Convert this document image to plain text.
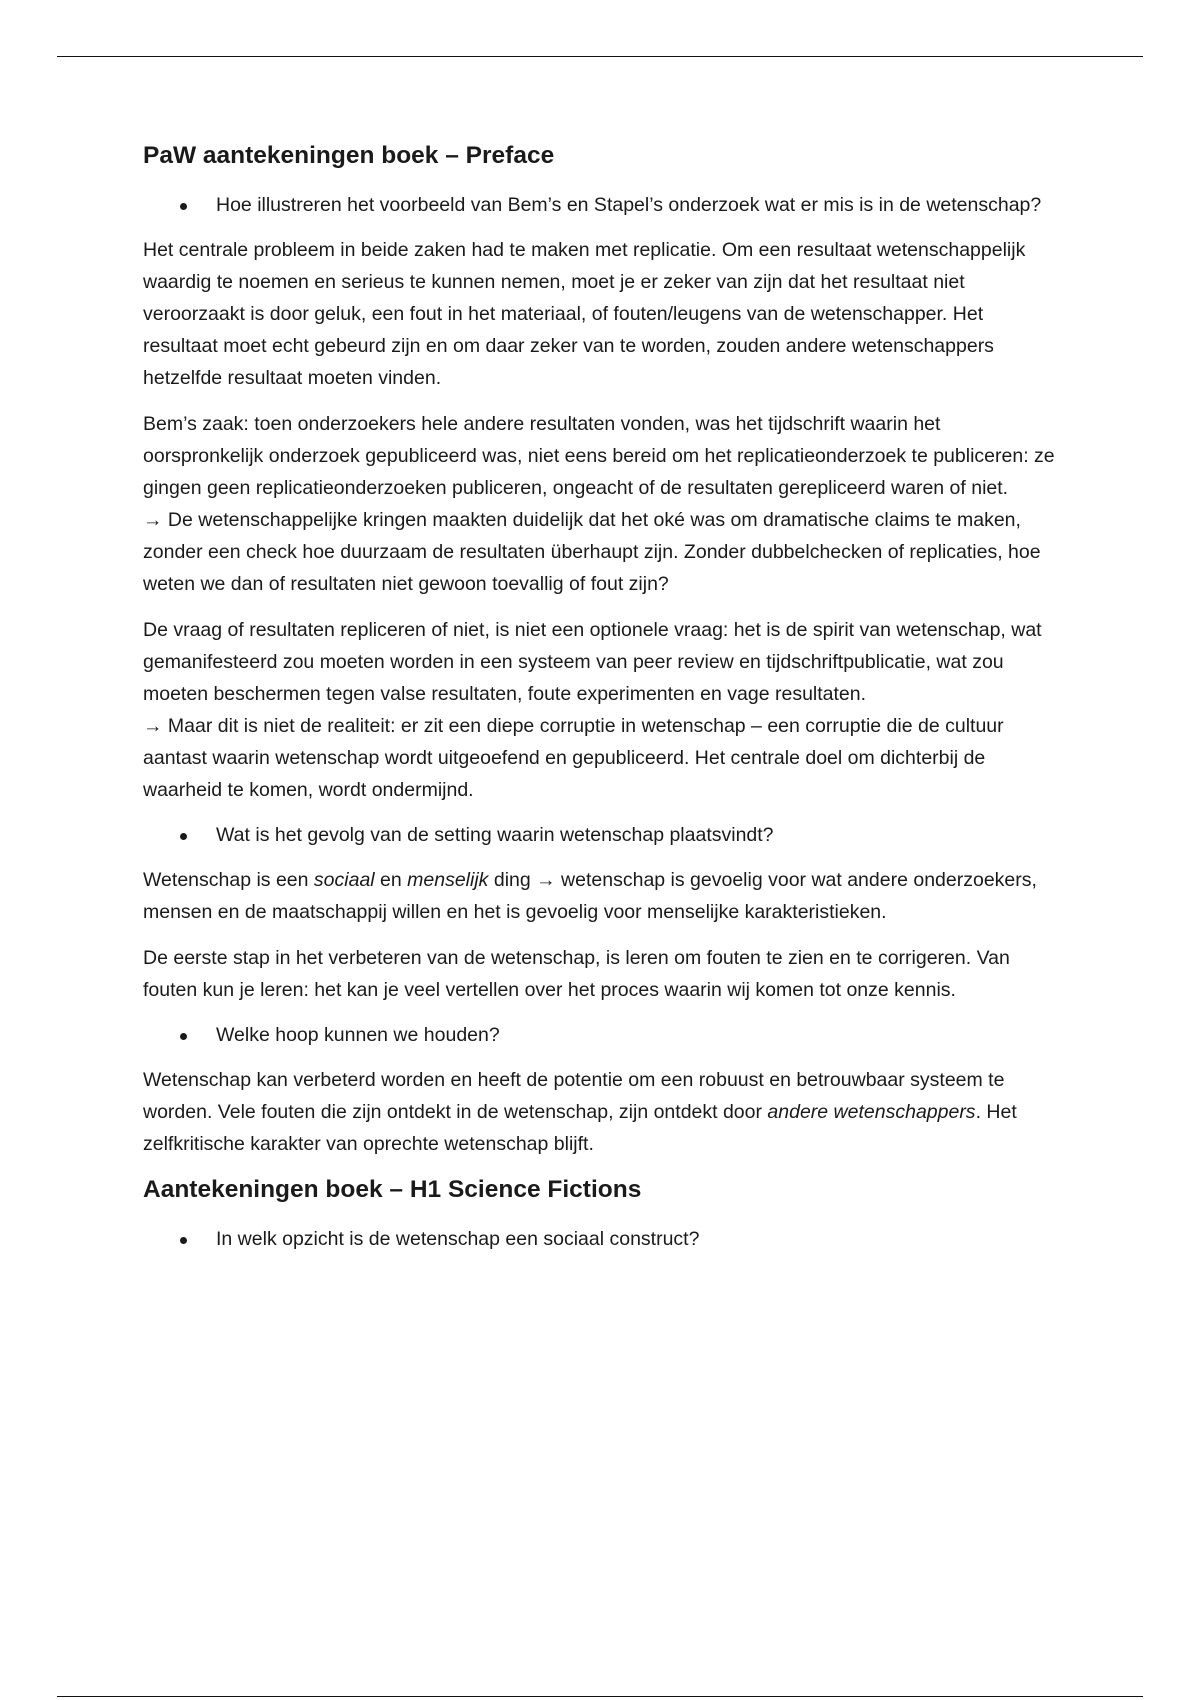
PaW aantekeningen boek – Preface
Hoe illustreren het voorbeeld van Bem’s en Stapel’s onderzoek wat er mis is in de wetenschap?

Het centrale probleem in beide zaken had te maken met replicatie. Om een resultaat wetenschappelijk waardig te noemen en serieus te kunnen nemen, moet je er zeker van zijn dat het resultaat niet veroorzaakt is door geluk, een fout in het materiaal, of fouten/leugens van de wetenschapper. Het resultaat moet echt gebeurd zijn en om daar zeker van te worden, zouden andere wetenschappers hetzelfde resultaat moeten vinden.

Bem’s zaak: toen onderzoekers hele andere resultaten vonden, was het tijdschrift waarin het oorspronkelijk onderzoek gepubliceerd was, niet eens bereid om het replicatieonderzoek te publiceren: ze gingen geen replicatieonderzoeken publiceren, ongeacht of de resultaten gerepliceerd waren of niet.
→ De wetenschappelijke kringen maakten duidelijk dat het oké was om dramatische claims te maken, zonder een check hoe duurzaam de resultaten überhaupt zijn. Zonder dubbelchecken of replicaties, hoe weten we dan of resultaten niet gewoon toevallig of fout zijn?

De vraag of resultaten repliceren of niet, is niet een optionele vraag: het is de spirit van wetenschap, wat gemanifesteerd zou moeten worden in een systeem van peer review en tijdschriftpublicatie, wat zou moeten beschermen tegen valse resultaten, foute experimenten en vage resultaten.
→ Maar dit is niet de realiteit: er zit een diepe corruptie in wetenschap – een corruptie die de cultuur aantast waarin wetenschap wordt uitgeoefend en gepubliceerd. Het centrale doel om dichterbij de waarheid te komen, wordt ondermijnd.

Wat is het gevolg van de setting waarin wetenschap plaatsvindt?

Wetenschap is een sociaal en menselijk ding → wetenschap is gevoelig voor wat andere onderzoekers, mensen en de maatschappij willen en het is gevoelig voor menselijke karakteristieken.

De eerste stap in het verbeteren van de wetenschap, is leren om fouten te zien en te corrigeren. Van fouten kun je leren: het kan je veel vertellen over het proces waarin wij komen tot onze kennis.

Welke hoop kunnen we houden?

Wetenschap kan verbeterd worden en heeft de potentie om een robuust en betrouwbaar systeem te worden. Vele fouten die zijn ontdekt in de wetenschap, zijn ontdekt door andere wetenschappers. Het zelfkritische karakter van oprechte wetenschap blijft.

Aantekeningen boek – H1 Science Fictions
In welk opzicht is de wetenschap een sociaal construct?
